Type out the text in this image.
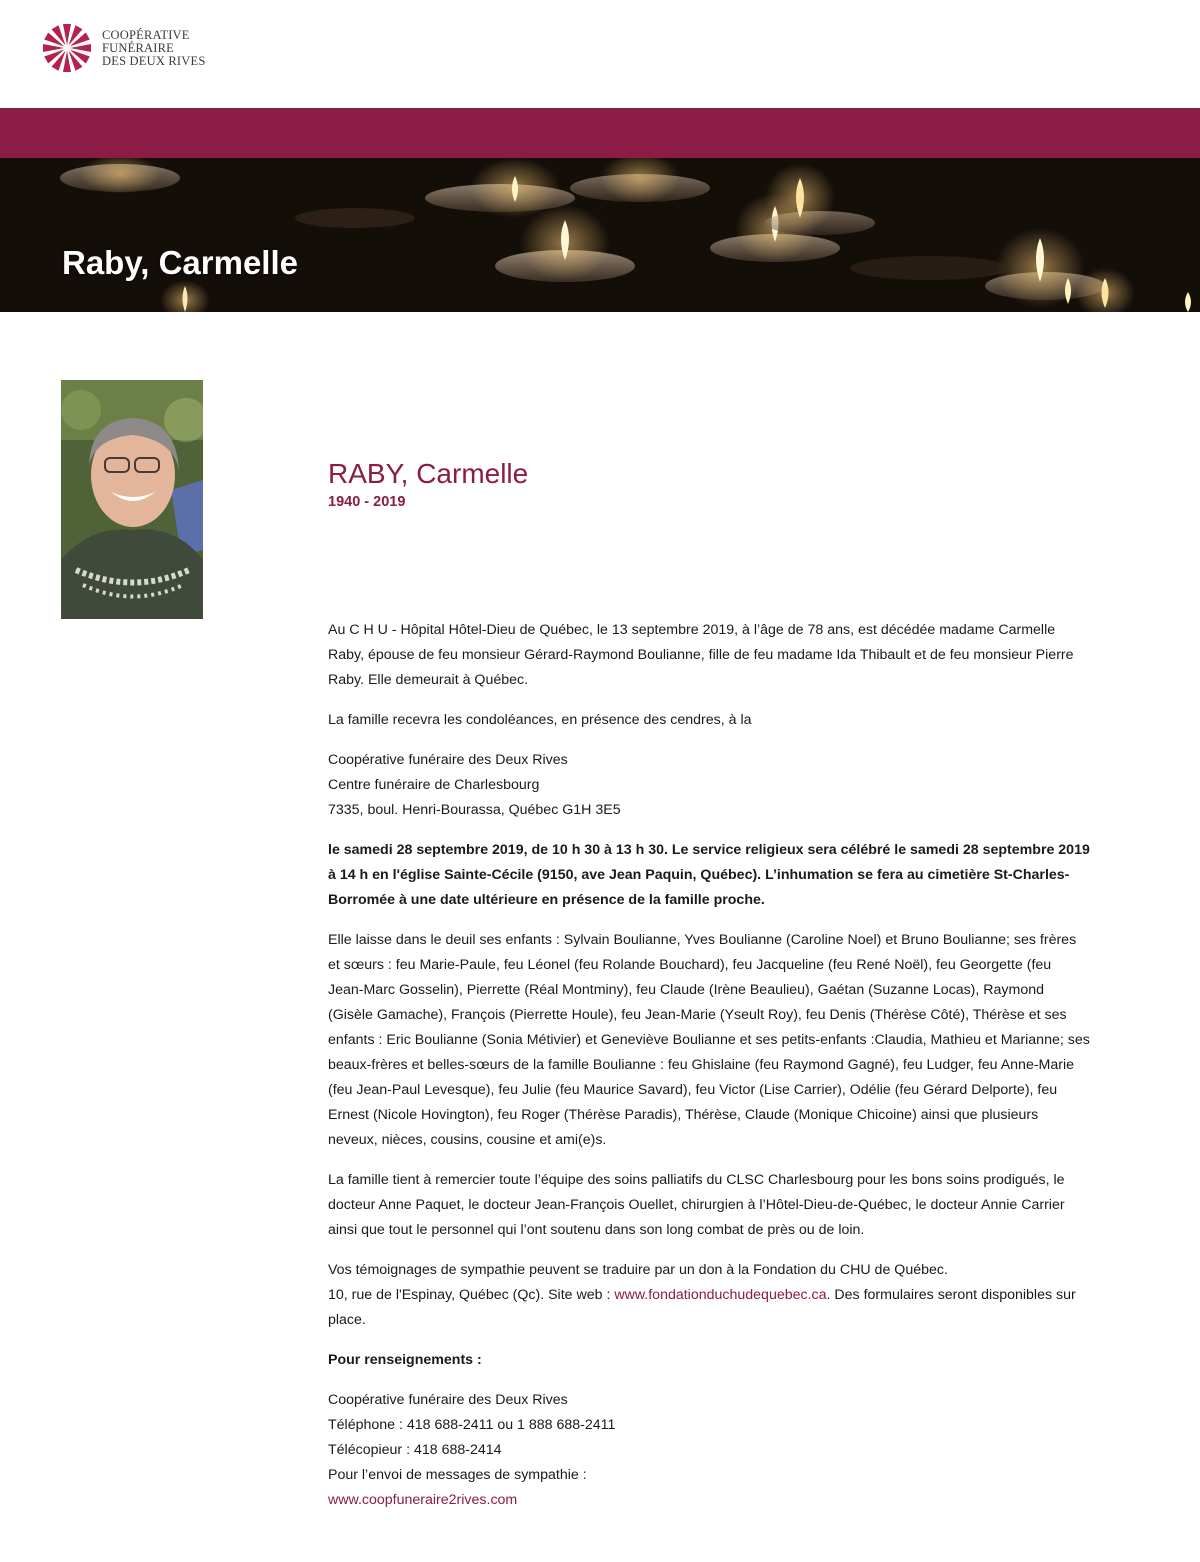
COOPÉRATIVE
FUNÉRAIRE
DES DEUX RIVES
Raby, Carmelle
RABY, Carmelle
1940 - 2019

Au C H U - Hôpital Hôtel-Dieu de Québec, le 13 septembre 2019, à l’âge de 78 ans, est décédée madame Carmelle Raby, épouse de feu monsieur Gérard-Raymond Boulianne, fille de feu madame Ida Thibault et de feu monsieur Pierre Raby. Elle demeurait à Québec.

La famille recevra les condoléances, en présence des cendres, à la

Coopérative funéraire des Deux Rives
Centre funéraire de Charlesbourg
7335, boul. Henri-Bourassa, Québec G1H 3E5

le samedi 28 septembre 2019, de 10 h 30 à 13 h 30. Le service religieux sera célébré le samedi 28 septembre 2019 à 14 h en l'église Sainte-Cécile (9150, ave Jean Paquin, Québec). L’inhumation se fera au cimetière St-Charles-Borromée à une date ultérieure en présence de la famille proche.

Elle laisse dans le deuil ses enfants : Sylvain Boulianne, Yves Boulianne (Caroline Noel) et Bruno Boulianne; ses frères et sœurs : feu Marie-Paule, feu Léonel (feu Rolande Bouchard), feu Jacqueline (feu René Noël), feu Georgette (feu Jean-Marc Gosselin), Pierrette (Réal Montminy), feu Claude (Irène Beaulieu), Gaétan (Suzanne Locas), Raymond (Gisèle Gamache), François (Pierrette Houle), feu Jean-Marie (Yseult Roy), feu Denis (Thérèse Côté), Thérèse et ses enfants : Eric Boulianne (Sonia Métivier) et Geneviève Boulianne et ses petits-enfants :Claudia, Mathieu et Marianne; ses beaux-frères et belles-sœurs de la famille Boulianne : feu Ghislaine (feu Raymond Gagné), feu Ludger, feu Anne-Marie (feu Jean-Paul Levesque), feu Julie (feu Maurice Savard), feu Victor (Lise Carrier), Odélie (feu Gérard Delporte), feu Ernest (Nicole Hovington), feu Roger (Thérèse Paradis), Thérèse, Claude (Monique Chicoine) ainsi que plusieurs neveux, nièces, cousins, cousine et ami(e)s.

La famille tient à remercier toute l’équipe des soins palliatifs du CLSC Charlesbourg pour les bons soins prodigués, le docteur Anne Paquet, le docteur Jean-François Ouellet, chirurgien à l’Hôtel-Dieu-de-Québec, le docteur Annie Carrier ainsi que tout le personnel qui l’ont soutenu dans son long combat de près ou de loin.

Vos témoignages de sympathie peuvent se traduire par un don à la Fondation du CHU de Québec.
10, rue de l'Espinay, Québec (Qc). Site web : www.fondationduchudequebec.ca. Des formulaires seront disponibles sur place.

Pour renseignements :

Coopérative funéraire des Deux Rives
Téléphone : 418 688-2411 ou 1 888 688-2411
Télécopieur : 418 688-2414
Pour l’envoi de messages de sympathie :
www.coopfuneraire2rives.com
